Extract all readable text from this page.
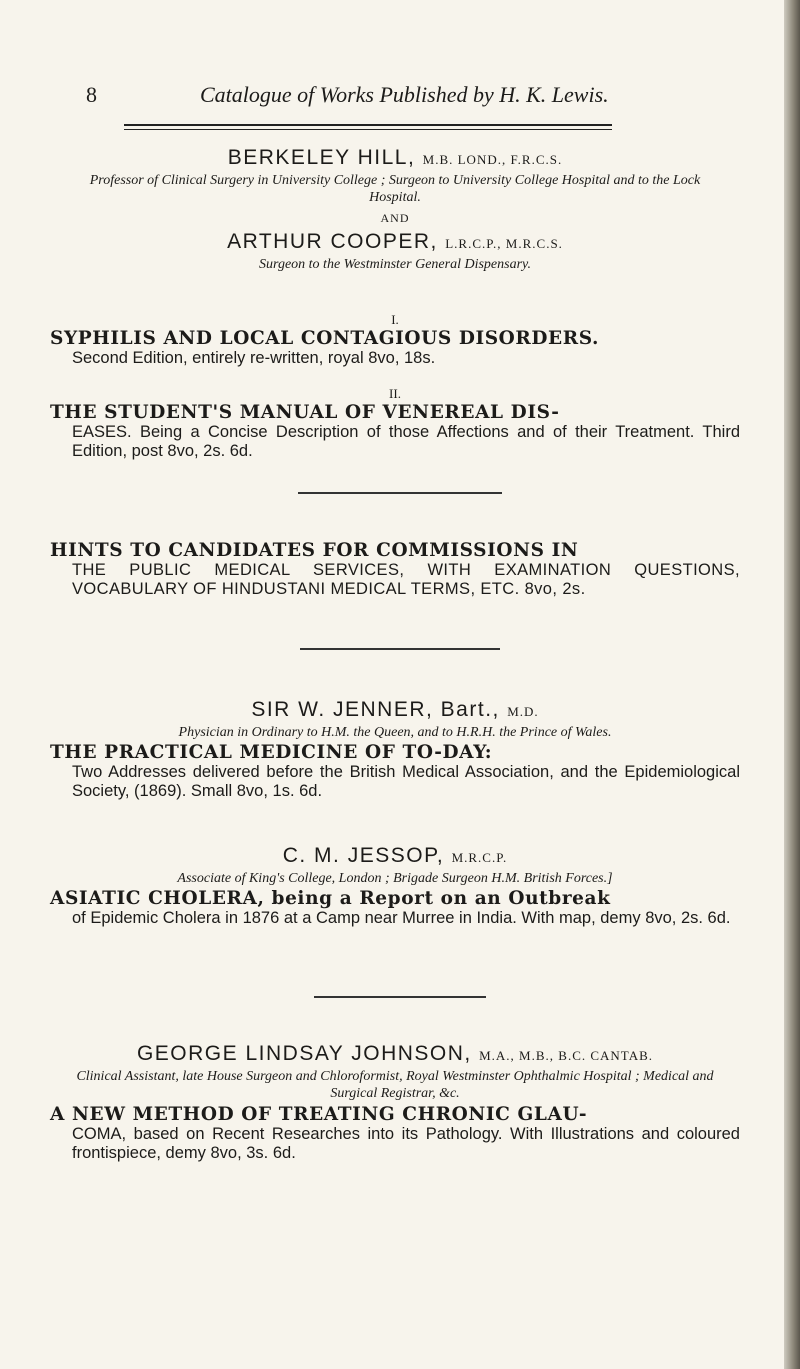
8	Catalogue of Works Published by H. K. Lewis.
BERKELEY HILL, M.B. LOND., F.R.C.S.
Professor of Clinical Surgery in University College ; Surgeon to University College Hospital and to the Lock Hospital.
AND
ARTHUR COOPER, L.R.C.P., M.R.C.S.
Surgeon to the Westminster General Dispensary.
I.
SYPHILIS AND LOCAL CONTAGIOUS DISORDERS.
Second Edition, entirely re-written, royal 8vo, 18s.
II.
THE STUDENT'S MANUAL OF VENEREAL DIS-
EASES. Being a Concise Description of those Affections and of their Treatment. Third Edition, post 8vo, 2s. 6d.
HINTS TO CANDIDATES FOR COMMISSIONS IN
THE PUBLIC MEDICAL SERVICES, WITH EXAMINATION QUESTIONS, VOCABULARY OF HINDUSTANI MEDICAL TERMS, ETC. 8vo, 2s.
SIR W. JENNER, Bart., M.D.
Physician in Ordinary to H.M. the Queen, and to H.R.H. the Prince of Wales.
THE PRACTICAL MEDICINE OF TO-DAY:
Two Addresses delivered before the British Medical Association, and the Epidemiological Society, (1869). Small 8vo, 1s. 6d.
C. M. JESSOP, M.R.C.P.
Associate of King's College, London ; Brigade Surgeon H.M. British Forces.]
ASIATIC CHOLERA, being a Report on an Outbreak
of Epidemic Cholera in 1876 at a Camp near Murree in India. With map, demy 8vo, 2s. 6d.
GEORGE LINDSAY JOHNSON, M.A., M.B., B.C. CANTAB.
Clinical Assistant, late House Surgeon and Chloroformist, Royal Westminster Ophthalmic Hospital ; Medical and Surgical Registrar, &c.
A NEW METHOD OF TREATING CHRONIC GLAU-
COMA, based on Recent Researches into its Pathology. With Illustrations and coloured frontispiece, demy 8vo, 3s. 6d.
